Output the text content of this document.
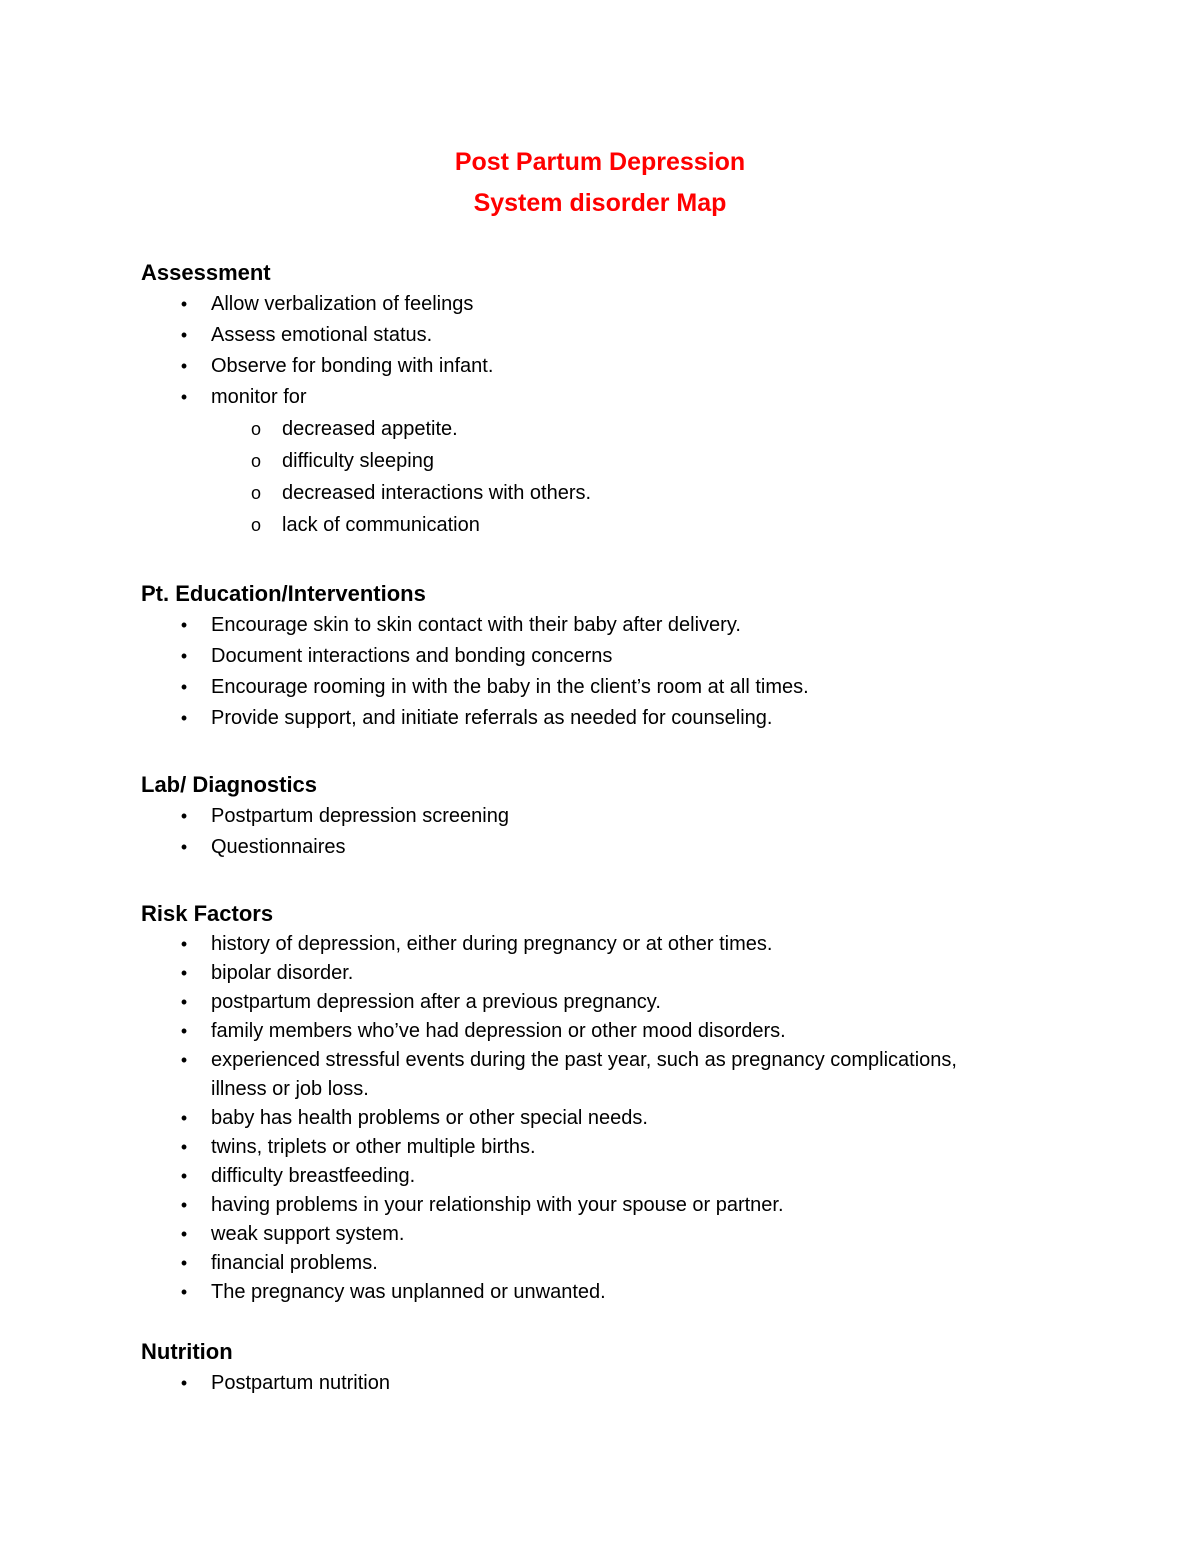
Post Partum Depression
System disorder Map
Assessment
•	Allow verbalization of feelings
•	Assess emotional status.
•	Observe for bonding with infant.
•	monitor for
o decreased appetite.
o difficulty sleeping
o decreased interactions with others.
o lack of communication
Pt. Education/Interventions
•	Encourage skin to skin contact with their baby after delivery.
•	Document interactions and bonding concerns
•	Encourage rooming in with the baby in the client’s room at all times.
•	Provide support, and initiate referrals as needed for counseling.
Lab/ Diagnostics
•	Postpartum depression screening
•	Questionnaires
Risk Factors
•	history of depression, either during pregnancy or at other times.
•	bipolar disorder.
•	postpartum depression after a previous pregnancy.
•	family members who’ve had depression or other mood disorders.
•	experienced stressful events during the past year, such as pregnancy complications,
illness or job loss.
•	baby has health problems or other special needs.
•	twins, triplets or other multiple births.
•	difficulty breastfeeding.
•	having problems in your relationship with your spouse or partner.
•	weak support system.
•	financial problems.
•	The pregnancy was unplanned or unwanted.
Nutrition
•	Postpartum nutrition
